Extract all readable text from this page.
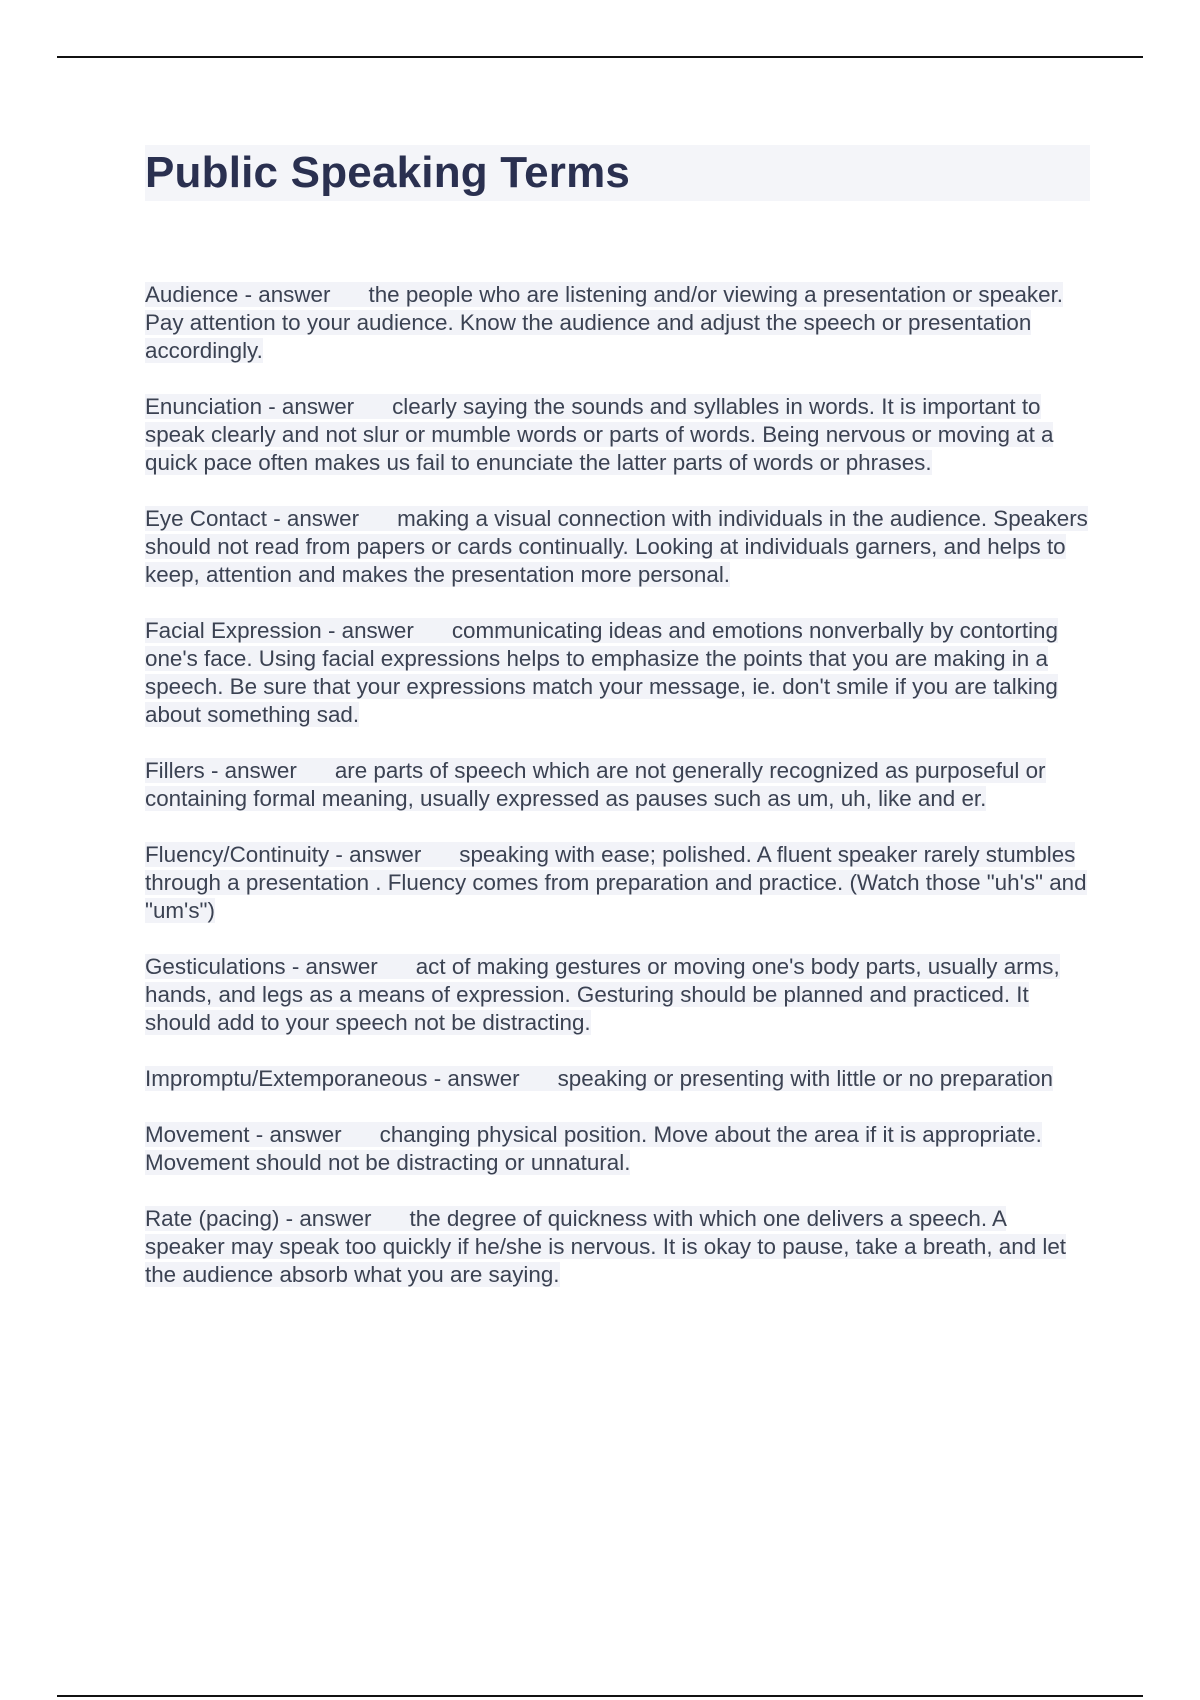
Public Speaking Terms

Audience - answer the people who are listening and/or viewing a presentation or speaker. Pay attention to your audience. Know the audience and adjust the speech or presentation accordingly.

Enunciation - answer clearly saying the sounds and syllables in words. It is important to speak clearly and not slur or mumble words or parts of words. Being nervous or moving at a quick pace often makes us fail to enunciate the latter parts of words or phrases.

Eye Contact - answer making a visual connection with individuals in the audience. Speakers should not read from papers or cards continually. Looking at individuals garners, and helps to keep, attention and makes the presentation more personal.

Facial Expression - answer communicating ideas and emotions nonverbally by contorting one's face. Using facial expressions helps to emphasize the points that you are making in a speech. Be sure that your expressions match your message, ie. don't smile if you are talking about something sad.

Fillers - answer are parts of speech which are not generally recognized as purposeful or containing formal meaning, usually expressed as pauses such as um, uh, like and er.

Fluency/Continuity - answer speaking with ease; polished. A fluent speaker rarely stumbles through a presentation . Fluency comes from preparation and practice. (Watch those "uh's" and "um's")

Gesticulations - answer act of making gestures or moving one's body parts, usually arms, hands, and legs as a means of expression. Gesturing should be planned and practiced. It should add to your speech not be distracting.

Impromptu/Extemporaneous - answer speaking or presenting with little or no preparation

Movement - answer changing physical position. Move about the area if it is appropriate. Movement should not be distracting or unnatural.

Rate (pacing) - answer the degree of quickness with which one delivers a speech. A speaker may speak too quickly if he/she is nervous. It is okay to pause, take a breath, and let the audience absorb what you are saying.
